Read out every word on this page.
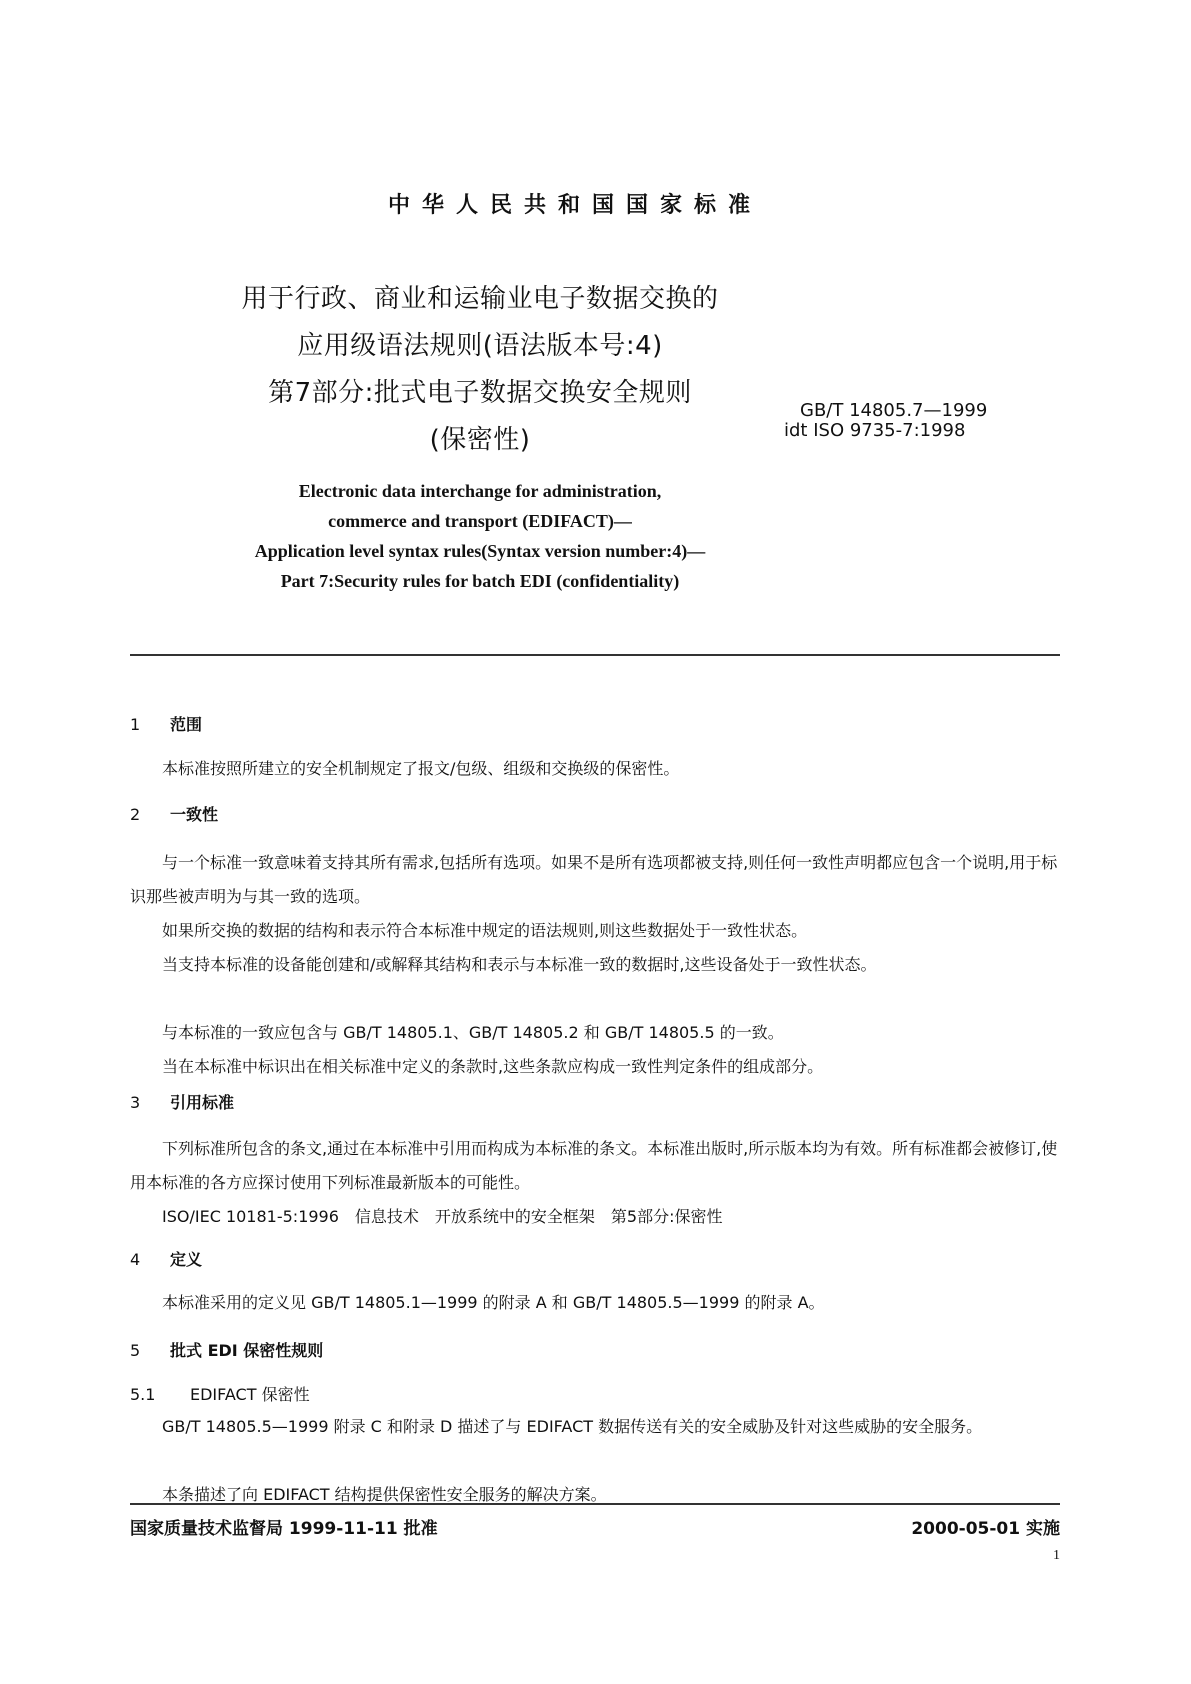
中华人民共和国国家标准
用于行政、商业和运输业电子数据交换的
应用级语法规则(语法版本号:4)
第7部分:批式电子数据交换安全规则
(保密性)
GB/T 14805.7—1999
idt ISO 9735-7:1998
Electronic data interchange for administration,
commerce and transport (EDIFACT)—
Application level syntax rules(Syntax version number:4)—
Part 7:Security rules for batch EDI (confidentiality)
1 范围
本标准按照所建立的安全机制规定了报文/包级、组级和交换级的保密性。
2 一致性
与一个标准一致意味着支持其所有需求,包括所有选项。如果不是所有选项都被支持,则任何一致性声明都应包含一个说明,用于标识那些被声明为与其一致的选项。
如果所交换的数据的结构和表示符合本标准中规定的语法规则,则这些数据处于一致性状态。
当支持本标准的设备能创建和/或解释其结构和表示与本标准一致的数据时,这些设备处于一致性状态。
与本标准的一致应包含与 GB/T 14805.1、GB/T 14805.2 和 GB/T 14805.5 的一致。
当在本标准中标识出在相关标准中定义的条款时,这些条款应构成一致性判定条件的组成部分。
3 引用标准
下列标准所包含的条文,通过在本标准中引用而构成为本标准的条文。本标准出版时,所示版本均为有效。所有标准都会被修订,使用本标准的各方应探讨使用下列标准最新版本的可能性。
ISO/IEC 10181-5:1996　信息技术　开放系统中的安全框架　第5部分:保密性
4 定义
本标准采用的定义见 GB/T 14805.1—1999 的附录 A 和 GB/T 14805.5—1999 的附录 A。
5 批式 EDI 保密性规则
5.1 EDIFACT 保密性
GB/T 14805.5—1999 附录 C 和附录 D 描述了与 EDIFACT 数据传送有关的安全威胁及针对这些威胁的安全服务。
本条描述了向 EDIFACT 结构提供保密性安全服务的解决方案。
国家质量技术监督局 1999-11-11 批准	2000-05-01 实施
1
